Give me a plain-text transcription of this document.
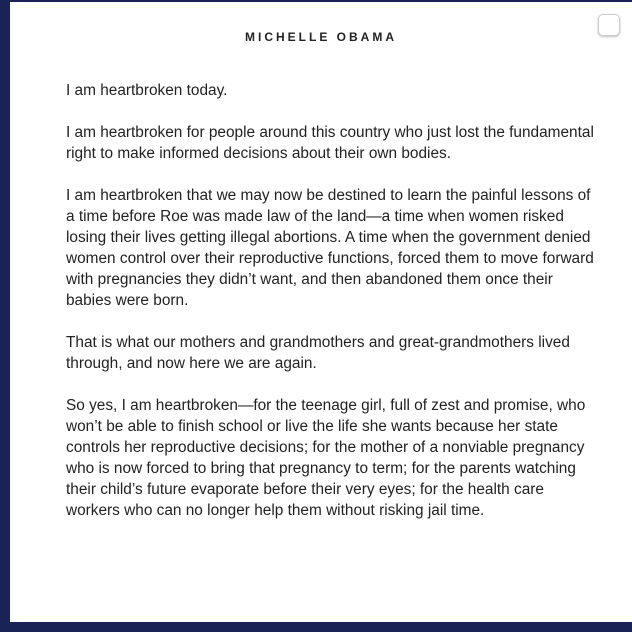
MICHELLE OBAMA

I am heartbroken today.

I am heartbroken for people around this country who just lost the fundamental right to make informed decisions about their own bodies.

I am heartbroken that we may now be destined to learn the painful lessons of a time before Roe was made law of the land—a time when women risked losing their lives getting illegal abortions. A time when the government denied women control over their reproductive functions, forced them to move forward with pregnancies they didn’t want, and then abandoned them once their babies were born.

That is what our mothers and grandmothers and great-grandmothers lived through, and now here we are again.

So yes, I am heartbroken—for the teenage girl, full of zest and promise, who won’t be able to finish school or live the life she wants because her state controls her reproductive decisions; for the mother of a nonviable pregnancy who is now forced to bring that pregnancy to term; for the parents watching their child’s future evaporate before their very eyes; for the health care workers who can no longer help them without risking jail time.
